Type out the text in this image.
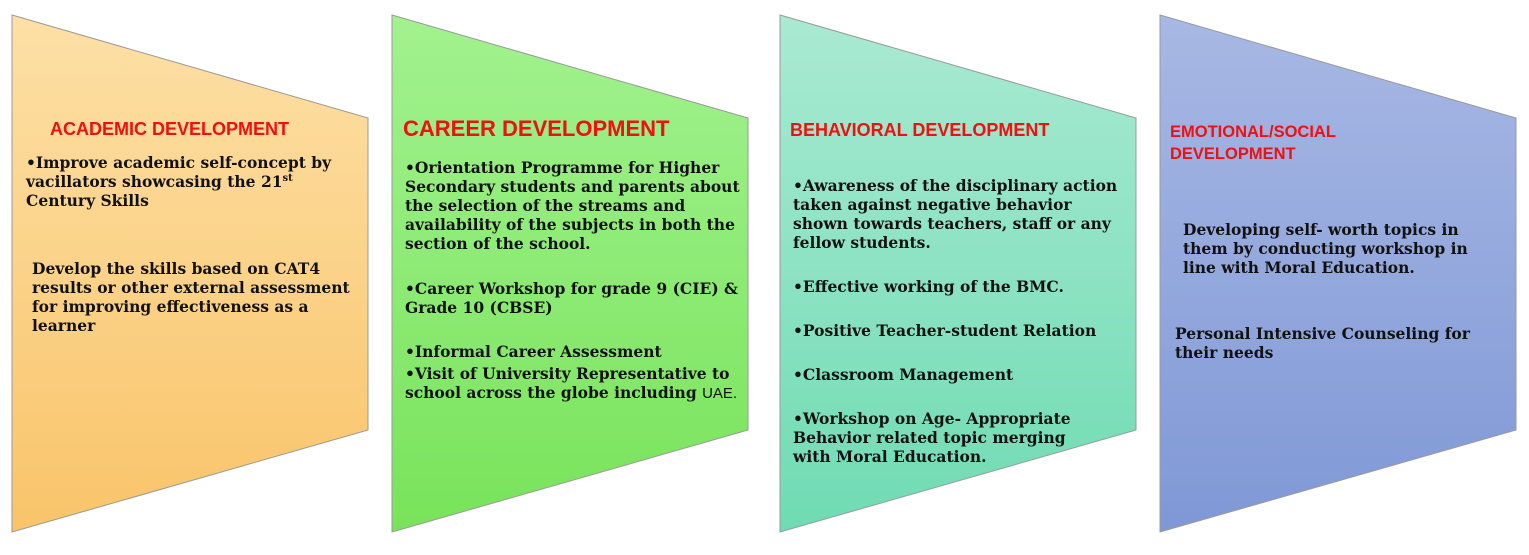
ACADEMIC DEVELOPMENT

•Improve academic self-concept by vacillators showcasing the 21st
Century Skills

Develop the skills based on CAT4 results or other external assessment for improving effectiveness as a learner

CAREER DEVELOPMENT

•Orientation Programme for Higher Secondary students and parents about the selection of the streams and availability of the subjects in both the section of the school.

•Career Workshop for grade 9 (CIE) & Grade 10 (CBSE)

•Informal Career Assessment

•Visit of University Representative to school across the globe including UAE.

BEHAVIORAL DEVELOPMENT

•Awareness of the disciplinary action taken against negative behavior shown towards teachers, staff or any fellow students.

•Effective working of the BMC.

•Positive Teacher-student Relation

•Classroom Management

•Workshop on Age- Appropriate Behavior related topic merging with Moral Education.

EMOTIONAL/SOCIAL
DEVELOPMENT

Developing self- worth topics in them by conducting workshop in line with Moral Education.

Personal Intensive Counseling for their needs
